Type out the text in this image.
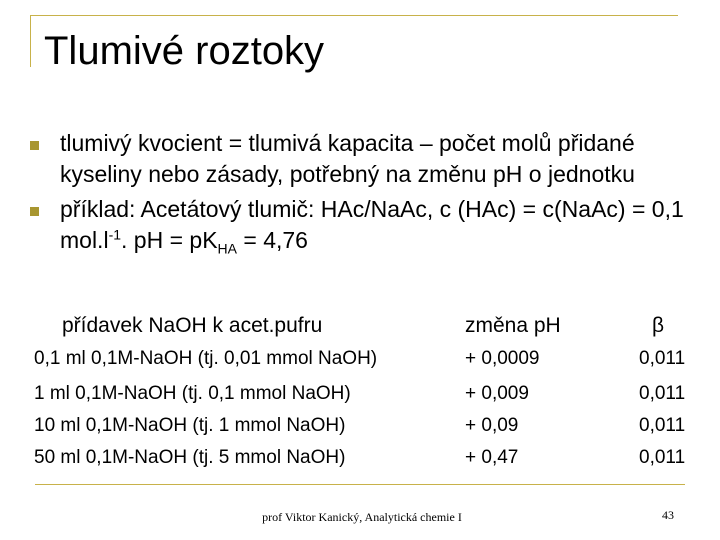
Tlumivé roztoky
tlumivý kvocient = tlumivá kapacita – počet molů přidané kyseliny nebo zásady, potřebný na změnu pH o jednotku
příklad: Acetátový tlumič: HAc/NaAc, c (HAc) = c(NaAc) = 0,1 $mol.l^{-1}$. pH = $pK_{HA} = 4,76$
přídavek NaOH k acet.pufru	změna pH	β
0,1 ml 0,1M-NaOH (tj. 0,01 mmol NaOH)	+ 0,0009	0,011
1 ml 0,1M-NaOH (tj. 0,1 mmol NaOH)	+ 0,009	0,011
10 ml 0,1M-NaOH (tj. 1 mmol NaOH)	+ 0,09	0,011
50 ml 0,1M-NaOH (tj. 5 mmol NaOH)	+ 0,47	0,011
prof Viktor Kanický, Analytická chemie I	43
